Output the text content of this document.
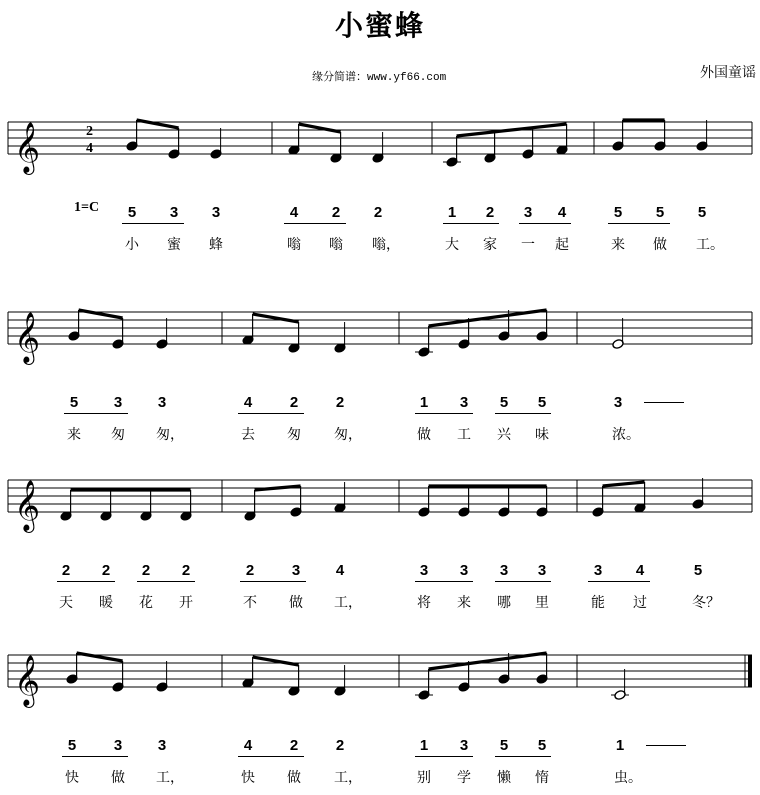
小蜜蜂
缘分简谱：www.yf66.com	外国童谣
𝄞	2
4
1=C	5	3	3
小	蜜	蜂
4	2	2
嗡	嗡	嗡，
1	2	3	4
大	家	一	起
5	5	5
来	做	工。
𝄞
5	3	3
来	匆	匆，
4	2	2
去	匆	匆，
1	3	5	5
做	工	兴	味
3
浓。
𝄞
2	2	2	2
天	暖	花	开
2	3	4
不	做	工，
3	3	3	3
将	来	哪	里
3	4	5
能	过	冬？
𝄞
5	3	3
快	做	工，
4	2	2
快	做	工，
1	3	5	5
别	学	懒	惰
1
虫。
